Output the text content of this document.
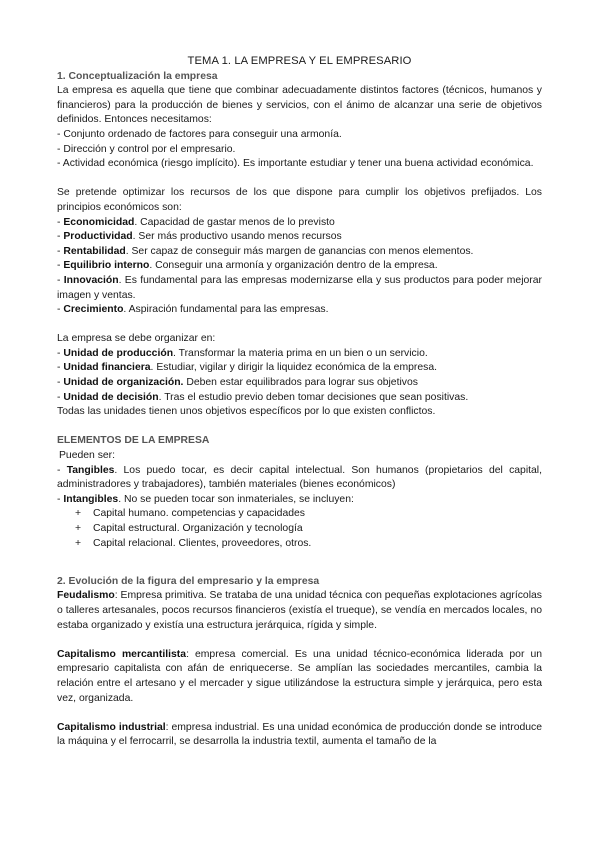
TEMA 1. LA EMPRESA Y EL EMPRESARIO

1. Conceptualización la empresa

La empresa es aquella que tiene que combinar adecuadamente distintos factores (técnicos, humanos y financieros) para la producción de bienes y servicios, con el ánimo de alcanzar una serie de objetivos definidos. Entonces necesitamos:

- Conjunto ordenado de factores para conseguir una armonía.

- Dirección y control por el empresario.

- Actividad económica (riesgo implícito). Es importante estudiar y tener una buena actividad económica.

Se pretende optimizar los recursos de los que dispone para cumplir los objetivos prefijados. Los principios económicos son:

- Economicidad. Capacidad de gastar menos de lo previsto

- Productividad. Ser más productivo usando menos recursos

- Rentabilidad. Ser capaz de conseguir más margen de ganancias con menos elementos.

- Equilibrio interno. Conseguir una armonía y organización dentro de la empresa.

- Innovación. Es fundamental para las empresas modernizarse ella y sus productos para poder mejorar imagen y ventas.

- Crecimiento. Aspiración fundamental para las empresas.

La empresa se debe organizar en:

- Unidad de producción. Transformar la materia prima en un bien o un servicio.

- Unidad financiera. Estudiar, vigilar y dirigir la liquidez económica de la empresa.

- Unidad de organización. Deben estar equilibrados para lograr sus objetivos

- Unidad de decisión. Tras el estudio previo deben tomar decisiones que sean positivas.

Todas las unidades tienen unos objetivos específicos por lo que existen conflictos.

ELEMENTOS DE LA EMPRESA

Pueden ser:

- Tangibles. Los puedo tocar, es decir capital intelectual. Son humanos (propietarios del capital, administradores y trabajadores), también materiales (bienes económicos)

- Intangibles. No se pueden tocar son inmateriales, se incluyen:

+ Capital humano. competencias y capacidades
+ Capital estructural. Organización y tecnología
+ Capital relacional. Clientes, proveedores, otros.

2. Evolución de la figura del empresario y la empresa

Feudalismo: Empresa primitiva. Se trataba de una unidad técnica con pequeñas explotaciones agrícolas o talleres artesanales, pocos recursos financieros (existía el trueque), se vendía en mercados locales, no estaba organizado y existía una estructura jerárquica, rígida y simple.

Capitalismo mercantilista: empresa comercial. Es una unidad técnico-económica liderada por un empresario capitalista con afán de enriquecerse. Se amplían las sociedades mercantiles, cambia la relación entre el artesano y el mercader y sigue utilizándose la estructura simple y jerárquica, pero esta vez, organizada.

Capitalismo industrial: empresa industrial. Es una unidad económica de producción donde se introduce la máquina y el ferrocarril, se desarrolla la industria textil, aumenta el tamaño de la
